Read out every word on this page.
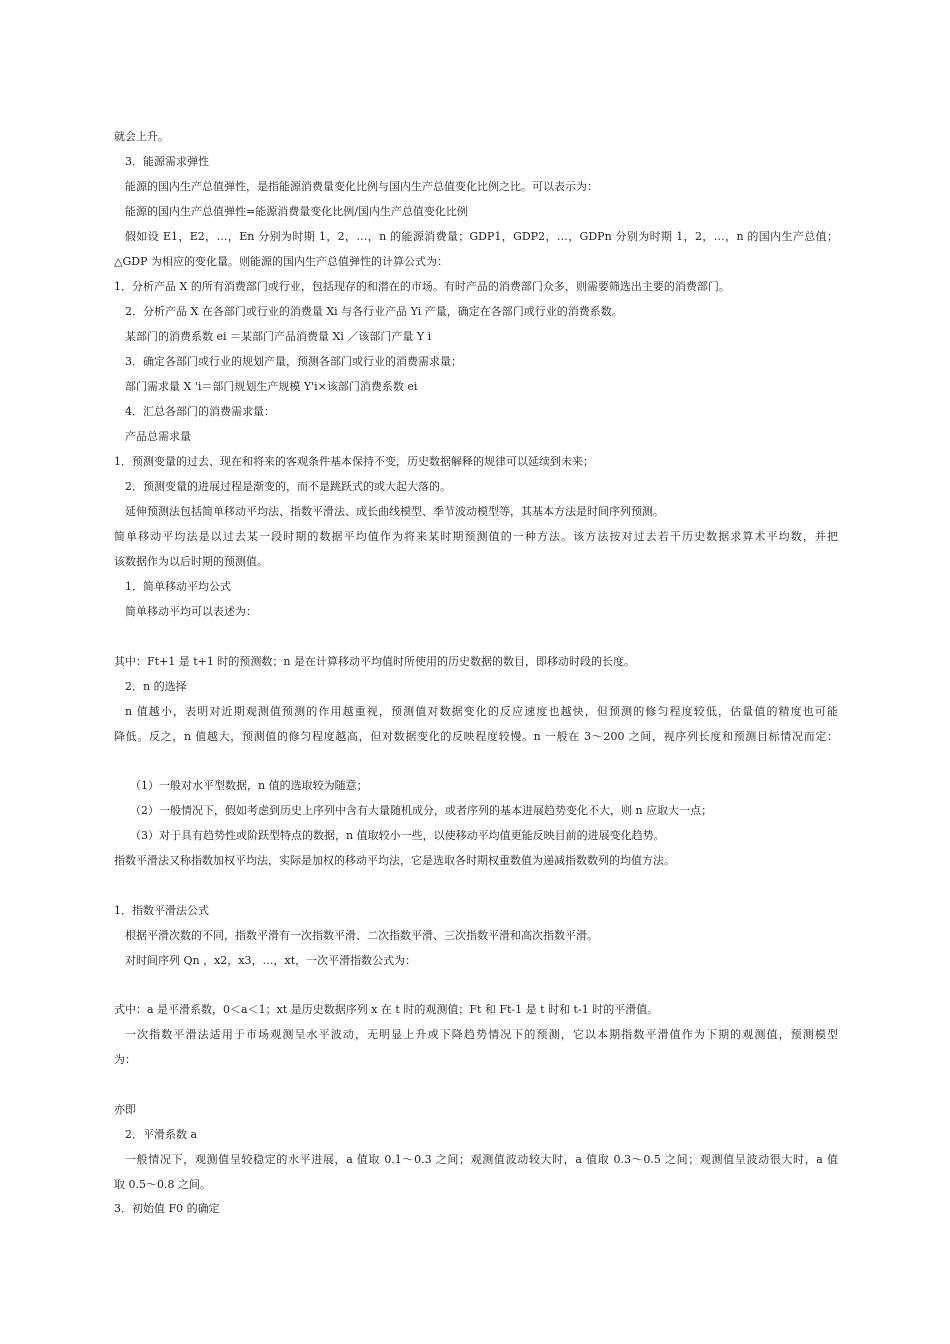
就会上升。
3．能源需求弹性
能源的国内生产总值弹性，是指能源消费量变化比例与国内生产总值变化比例之比。可以表示为：
能源的国内生产总值弹性=能源消费量变化比例/国内生产总值变化比例
假如设 E1，E2，…，En 分别为时期 1，2，…，n 的能源消费量；GDP1，GDP2，…，GDPn 分别为时期 1，2，…，n 的国内生产总值；
△GDP 为相应的变化量。则能源的国内生产总值弹性的计算公式为：
1．分析产品 X 的所有消费部门或行业，包括现存的和潜在的市场。有时产品的消费部门众多，则需要筛选出主要的消费部门。
2．分析产品 X 在各部门或行业的消费量 Xi 与各行业产品 Yi 产量，确定在各部门或行业的消费系数。
某部门的消费系数 ei ＝某部门产品消费量 Xi ／该部门产量 Y i
3．确定各部门或行业的规划产量，预测各部门或行业的消费需求量；
部门需求量 X 'i＝部门规划生产规模 Y'i×该部门消费系数 ei
4．汇总各部门的消费需求量：
产品总需求量
1．预测变量的过去、现在和将来的客观条件基本保持不变，历史数据解释的规律可以延续到未来；
2．预测变量的进展过程是渐变的，而不是跳跃式的或大起大落的。
延伸预测法包括简单移动平均法、指数平滑法、成长曲线模型、季节波动模型等，其基本方法是时间序列预测。
简单移动平均法是以过去某一段时期的数据平均值作为将来某时期预测值的一种方法。该方法按对过去若干历史数据求算术平均数，并把
该数据作为以后时期的预测值。
1．简单移动平均公式
简单移动平均可以表述为：
其中：Ft+1 是 t+1 时的预测数；n 是在计算移动平均值时所使用的历史数据的数目，即移动时段的长度。
2．n 的选择
n 值越小，表明对近期观测值预测的作用越重视，预测值对数据变化的反应速度也越快，但预测的修匀程度较低，估量值的精度也可能
降低。反之，n 值越大，预测值的修匀程度越高，但对数据变化的反映程度较慢。n 一般在 3～200 之间，视序列长度和预测目标情况而定：
（1）一般对水平型数据，n 值的选取较为随意；
（2）一般情况下，假如考虑到历史上序列中含有大量随机成分，或者序列的基本进展趋势变化不大，则 n 应取大一点；
（3）对于具有趋势性或阶跃型特点的数据，n 值取较小一些，以使移动平均值更能反映目前的进展变化趋势。
指数平滑法又称指数加权平均法，实际是加权的移动平均法，它是选取各时期权重数值为递减指数数列的均值方法。
1．指数平滑法公式
根据平滑次数的不同，指数平滑有一次指数平滑、二次指数平滑、三次指数平滑和高次指数平滑。
对时间序列 Qn ，x2，x3，…，xt，一次平滑指数公式为：
式中：a 是平滑系数，0＜a＜1；xt 是历史数据序列 x 在 t 时的观测值；Ft 和 Ft-1 是 t 时和 t-1 时的平滑值。
一次指数平滑法适用于市场观测呈水平波动，无明显上升或下降趋势情况下的预测，它以本期指数平滑值作为下期的观测值，预测模型
为：
亦即
2．平滑系数 a
一般情况下，观测值呈较稳定的水平进展，a 值取 0.1～0.3 之间；观测值波动较大时，a 值取 0.3～0.5 之间；观测值呈波动很大时，a 值
取 0.5～0.8 之间。
3．初始值 F0 的确定
